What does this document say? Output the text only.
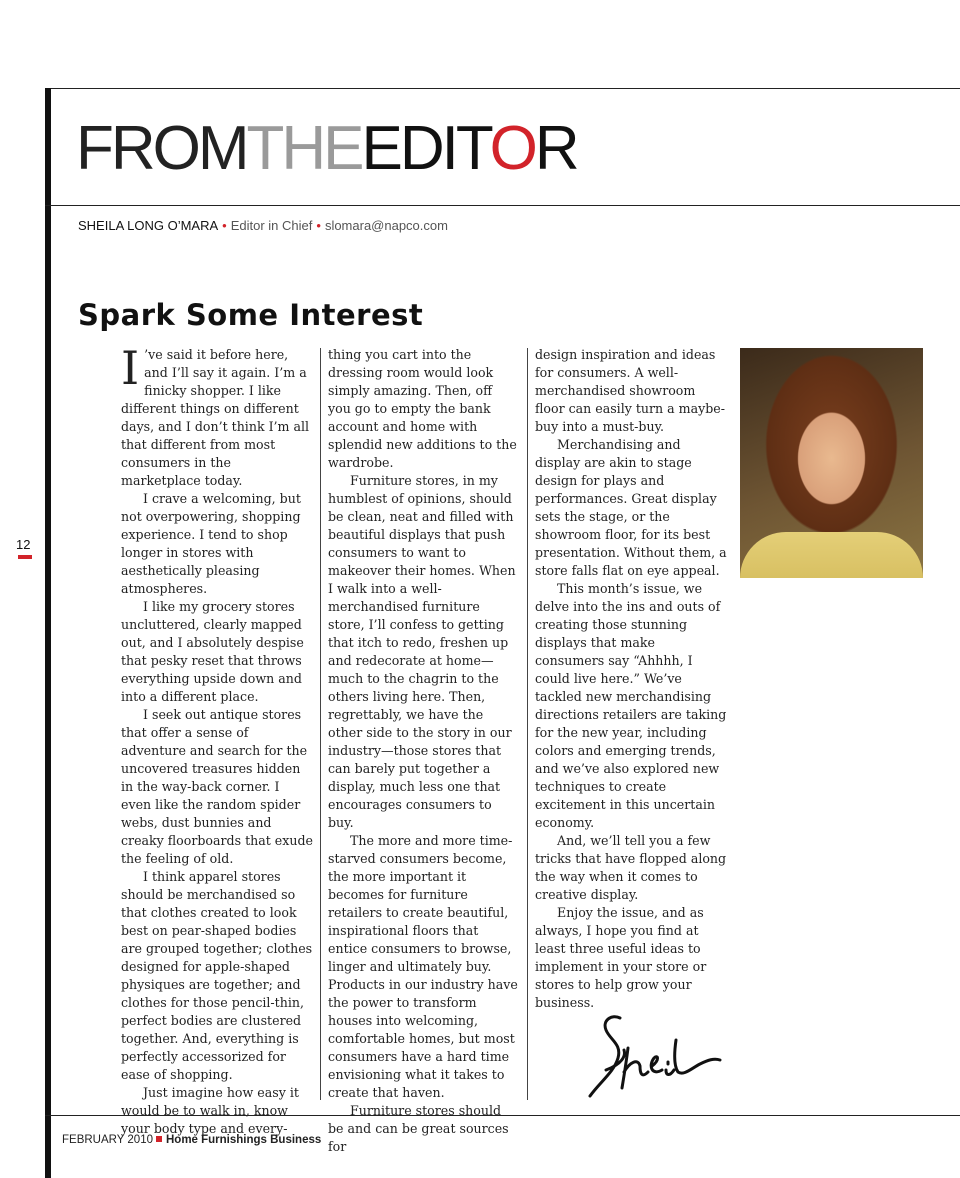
12
FROMTHEEDITOR
SHEILA LONG O’MARA • Editor in Chief • slomara@napco.com
Spark Some Interest

I ’ve said it before here, and I’ll say it again. I’m a finicky shopper. I like different things on different days, and I don’t think I’m all that different from most consumers in the marketplace today.

I crave a welcoming, but not overpowering, shopping experience. I tend to shop longer in stores with aesthetically pleasing atmospheres.

I like my grocery stores uncluttered, clearly mapped out, and I absolutely despise that pesky reset that throws everything upside down and into a different place.

I seek out antique stores that offer a sense of adventure and search for the uncovered treasures hidden in the way-back corner. I even like the random spider webs, dust bunnies and creaky floorboards that exude the feeling of old.

I think apparel stores should be merchandised so that clothes created to look best on pear-shaped bodies are grouped together; clothes designed for apple-shaped physiques are together; and clothes for those pencil-thin, perfect bodies are clustered together. And, everything is perfectly accessorized for ease of shopping.

Just imagine how easy it would be to walk in, know your body type and every-

thing you cart into the dressing room would look simply amazing. Then, off you go to empty the bank account and home with splendid new additions to the wardrobe.

Furniture stores, in my humblest of opinions, should be clean, neat and filled with beautiful displays that push consumers to want to makeover their homes. When I walk into a well-merchandised furniture store, I’ll confess to getting that itch to redo, freshen up and redecorate at home—much to the chagrin to the others living here. Then, regrettably, we have the other side to the story in our industry—those stores that can barely put together a display, much less one that encourages consumers to buy.

The more and more time-starved consumers become, the more important it becomes for furniture retailers to create beautiful, inspirational floors that entice consumers to browse, linger and ultimately buy. Products in our industry have the power to transform houses into welcoming, comfortable homes, but most consumers have a hard time envisioning what it takes to create that haven.

Furniture stores should be and can be great sources for

design inspiration and ideas for consumers. A well-merchandised showroom floor can easily turn a maybe-buy into a must-buy.

Merchandising and display are akin to stage design for plays and performances. Great display sets the stage, or the showroom floor, for its best presentation. Without them, a store falls flat on eye appeal.

This month’s issue, we delve into the ins and outs of creating those stunning displays that make consumers say “Ahhhh, I could live here.” We’ve tackled new merchandising directions retailers are taking for the new year, including colors and emerging trends, and we’ve also explored new techniques to create excitement in this uncertain economy.

And, we’ll tell you a few tricks that have flopped along the way when it comes to creative display.

Enjoy the issue, and as always, I hope you find at least three useful ideas to implement in your store or stores to help grow your business.

FEBRUARY 2010 Home Furnishings Business
